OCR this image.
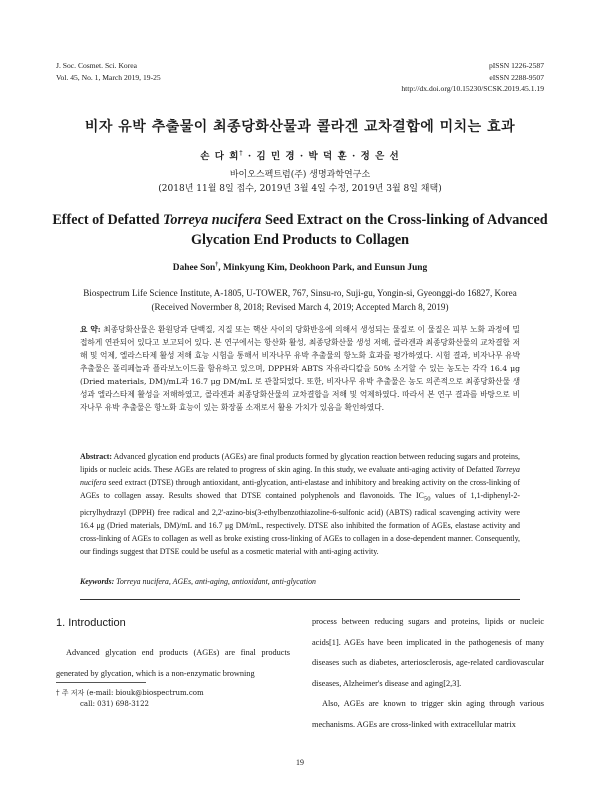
J. Soc. Cosmet. Sci. Korea
Vol. 45, No. 1, March 2019, 19-25
pISSN 1226-2587
eISSN 2288-9507
http://dx.doi.org/10.15230/SCSK.2019.45.1.19
비자 유박 추출물이 최종당화산물과 콜라겐 교차결합에 미치는 효과
손 다 희† · 김 민 경 · 박 덕 훈 · 정 은 선
바이오스펙트럼(주) 생명과학연구소
(2018년 11월 8일 접수, 2019년 3월 4일 수정, 2019년 3월 8일 채택)
Effect of Defatted Torreya nucifera Seed Extract on the Cross-linking of Advanced Glycation End Products to Collagen
Dahee Son†, Minkyung Kim, Deokhoon Park, and Eunsun Jung
Biospectrum Life Science Institute, A-1805, U-TOWER, 767, Sinsu-ro, Suji-gu, Yongin-si, Gyeonggi-do 16827, Korea
(Received Novermber 8, 2018; Revised March 4, 2019; Accepted March 8, 2019)
요 약: 최종당화산물은 환원당과 단백질, 지질 또는 핵산 사이의 당화반응에 의해서 생성되는 물질로 이 물질은 피부 노화 과정에 밀접하게 연관되어 있다고 보고되어 있다. 본 연구에서는 항산화 활성, 최종당화산물 생성 저해, 콜라겐과 최종당화산물의 교차결합 저해 및 억제, 엘라스타제 활성 저해 효능 시험을 통해서 비자나무 유박 추출물의 항노화 효과를 평가하였다. 시험 결과, 비자나무 유박 추출물은 폴리페놀과 플라보노이드를 함유하고 있으며, DPPH와 ABTS 자유라디칼을 50% 소거할 수 있는 농도는 각각 16.4 μg (Dried materials, DM)/mL과 16.7 μg DM/mL 로 관찰되었다. 또한, 비자나무 유박 추출물은 농도 의존적으로 최종당화산물 생성과 엘라스타제 활성을 저해하였고, 콜라겐과 최종당화산물의 교차결합을 저해 및 억제하였다. 따라서 본 연구 결과를 바탕으로 비자나무 유박 추출물은 항노화 효능이 있는 화장품 소재로서 활용 가치가 있음을 확인하였다.
Abstract: Advanced glycation end products (AGEs) are final products formed by glycation reaction between reducing sugars and proteins, lipids or nucleic acids. These AGEs are related to progress of skin aging. In this study, we evaluate anti-aging activity of Defatted Torreya nucifera seed extract (DTSE) through antioxidant, anti-glycation, anti-elastase and inhibitory and breaking activity on the cross-linking of AGEs to collagen assay. Results showed that DTSE contained polyphenols and flavonoids. The $IC_{50}$ values of 1,1-diphenyl-2-picrylhydrazyl (DPPH) free radical and 2,2'-azino-bis(3-ethylbenzothiazoline-6-sulfonic acid) (ABTS) radical scavenging activity were 16.4 μg (Dried materials, DM)/mL and 16.7 μg DM/mL, respectively. DTSE also inhibited the formation of AGEs, elastase activity and cross-linking of AGEs to collagen as well as broke existing cross-linking of AGEs to collagen in a dose-dependent manner. Consequently, our findings suggest that DTSE could be useful as a cosmetic material with anti-aging activity.
Keywords: Torreya nucifera, AGEs, anti-aging, antioxidant, anti-glycation
1. Introduction
Advanced glycation end products (AGEs) are final products generated by glycation, which is a non-enzymatic browning

process between reducing sugars and proteins, lipids or nucleic acids[1]. AGEs have been implicated in the pathogenesis of many diseases such as diabetes, arteriosclerosis, age-related cardiovascular diseases, Alzheimer's disease and aging[2,3].

Also, AGEs are known to trigger skin aging through various mechanisms. AGEs are cross-linked with extracellular matrix

† 주 저자 (e-mail: biouk@biospectrum.com
call: 031) 698-3122
19
